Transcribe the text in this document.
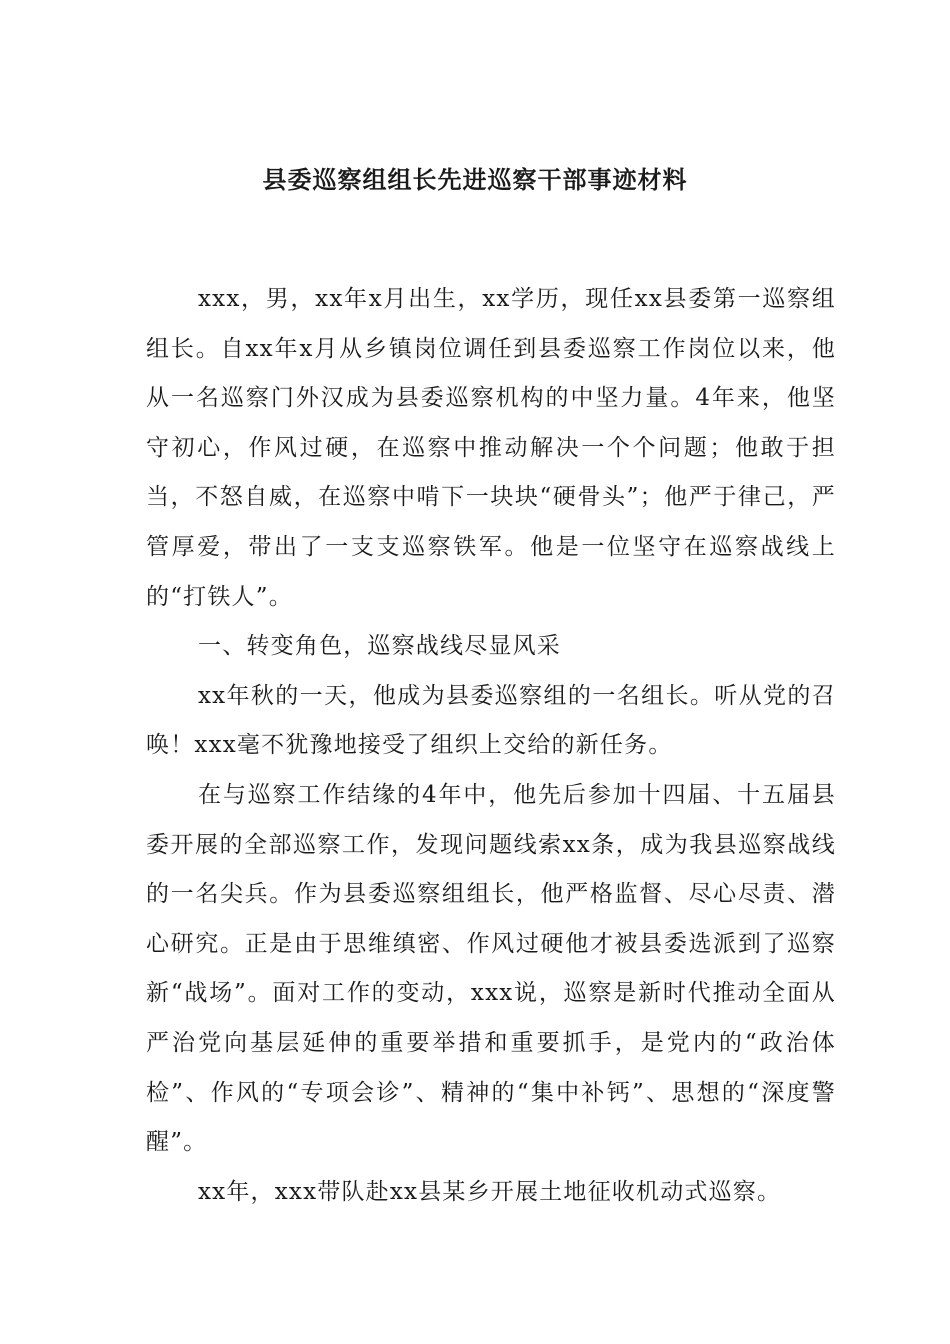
县委巡察组组长先进巡察干部事迹材料

xxx，男，xx年x月出生，xx学历，现任xx县委第一巡察组组长。自xx年x月从乡镇岗位调任到县委巡察工作岗位以来，他从一名巡察门外汉成为县委巡察机构的中坚力量。4年来，他坚守初心，作风过硬，在巡察中推动解决一个个问题；他敢于担当，不怒自威，在巡察中啃下一块块“硬骨头”；他严于律己，严管厚爱，带出了一支支巡察铁军。他是一位坚守在巡察战线上的“打铁人”。

一、转变角色，巡察战线尽显风采

xx年秋的一天，他成为县委巡察组的一名组长。听从党的召唤！xxx毫不犹豫地接受了组织上交给的新任务。

在与巡察工作结缘的4年中，他先后参加十四届、十五届县委开展的全部巡察工作，发现问题线索xx条，成为我县巡察战线的一名尖兵。作为县委巡察组组长，他严格监督、尽心尽责、潜心研究。正是由于思维缜密、作风过硬他才被县委选派到了巡察新“战场”。面对工作的变动，xxx说，巡察是新时代推动全面从严治党向基层延伸的重要举措和重要抓手，是党内的“政治体检”、作风的“专项会诊”、精神的“集中补钙”、思想的“深度警醒”。

xx年，xxx带队赴xx县某乡开展土地征收机动式巡察。
